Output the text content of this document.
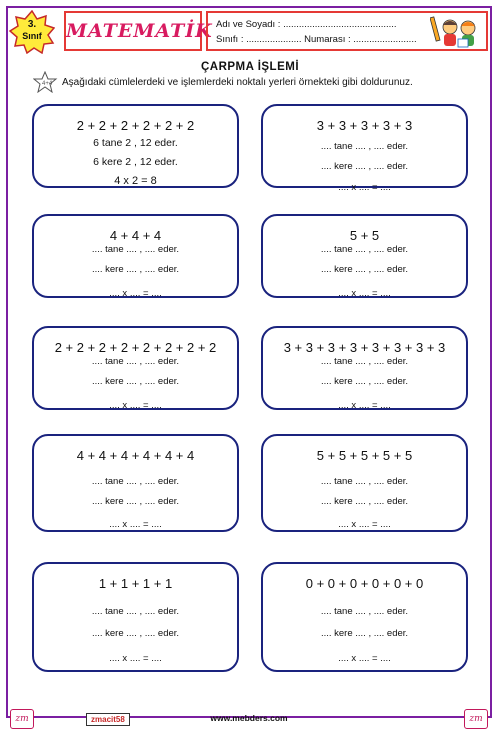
3.
Sınıf	MATEMATİK Adı ve Soyadı : ...........................................
Sınıfı : ..................... Numarası : ........................
ÇARPMA İŞLEMİ
4+4 Aşağıdaki cümlelerdeki ve işlemlerdeki noktalı yerleri örnekteki gibi doldurunuz.
2 + 2 + 2 + 2 + 2 + 2
6 tane 2 , 12 eder.
6 kere 2 , 12 eder.
4 x 2 = 8
3 + 3 + 3 + 3 + 3
.... tane .... , .... eder.
.... kere .... , .... eder.
.... x .... = ....
4 + 4 + 4
.... tane .... , .... eder.
.... kere .... , .... eder.
.... x .... = ....
5 + 5
.... tane .... , .... eder.
.... kere .... , .... eder.
.... x .... = ....
2 + 2 + 2 + 2 + 2 + 2 + 2 + 2
.... tane .... , .... eder.
.... kere .... , .... eder.
.... x .... = ....
3 + 3 + 3 + 3 + 3 + 3 + 3 + 3
.... tane .... , .... eder.
.... kere .... , .... eder.
.... x .... = ....
4 + 4 + 4 + 4 + 4 + 4
.... tane .... , .... eder.
.... kere .... , .... eder.
.... x .... = ....
5 + 5 + 5 + 5 + 5
.... tane .... , .... eder.
.... kere .... , .... eder.
.... x .... = ....
1 + 1 + 1 + 1
.... tane .... , .... eder.
.... kere .... , .... eder.
.... x .... = ....
0 + 0 + 0 + 0 + 0 + 0
.... tane .... , .... eder.
.... kere .... , .... eder.
.... x .... = ....
zm	zmacit58	www.mebders.com	zm
